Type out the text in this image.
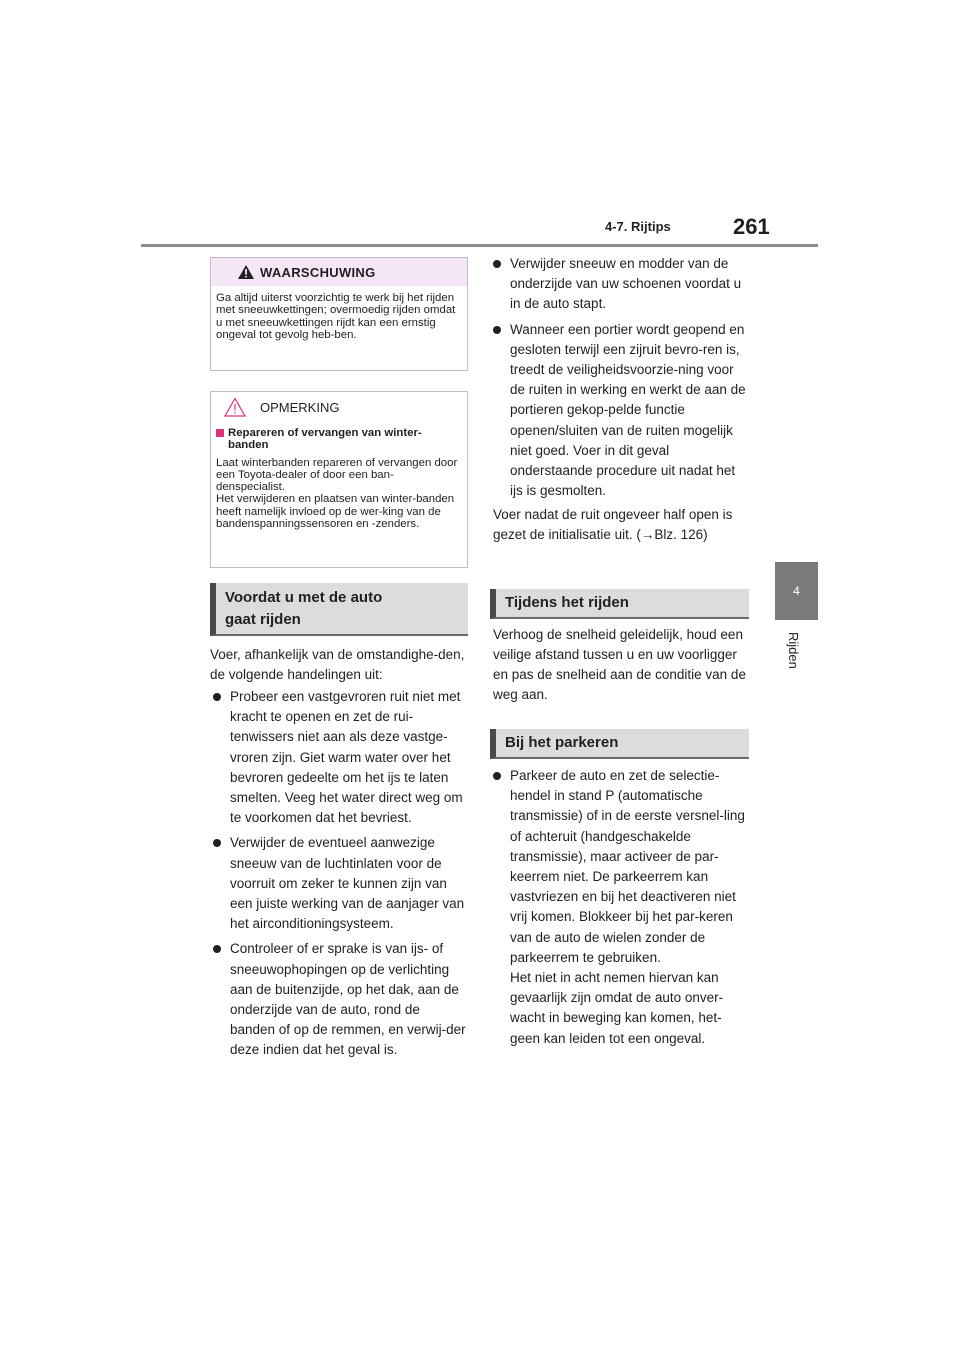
4-7. Rijtips	261
4
Rijden
WAARSCHUWING
Ga altijd uiterst voorzichtig te werk bij het rijden met sneeuwkettingen; overmoedig rijden omdat u met sneeuwkettingen rijdt kan een ernstig ongeval tot gevolg heb-ben.
OPMERKING
Repareren of vervangen van winter-banden
Laat winterbanden repareren of vervangen door een Toyota-dealer of door een ban-denspecialist.
Het verwijderen en plaatsen van winter-banden heeft namelijk invloed op de wer-king van de bandenspanningssensoren en -zenders.
Voordat u met de auto
gaat rijden
Voer, afhankelijk van de omstandighe-den, de volgende handelingen uit:
Probeer een vastgevroren ruit niet met kracht te openen en zet de rui-tenwissers niet aan als deze vastge-vroren zijn. Giet warm water over het bevroren gedeelte om het ijs te laten smelten. Veeg het water direct weg om te voorkomen dat het bevriest.
Verwijder de eventueel aanwezige sneeuw van de luchtinlaten voor de voorruit om zeker te kunnen zijn van een juiste werking van de aanjager van het airconditioningsysteem.
Controleer of er sprake is van ijs- of sneeuwophopingen op de verlichting aan de buitenzijde, op het dak, aan de onderzijde van de auto, rond de banden of op de remmen, en verwij-der deze indien dat het geval is.
Verwijder sneeuw en modder van de onderzijde van uw schoenen voordat u in de auto stapt.
Wanneer een portier wordt geopend en gesloten terwijl een zijruit bevro-ren is, treedt de veiligheidsvoorzie-ning voor de ruiten in werking en werkt de aan de portieren gekop-pelde functie openen/sluiten van de ruiten mogelijk niet goed. Voer in dit geval onderstaande procedure uit nadat het ijs is gesmolten.
Voer nadat de ruit ongeveer half open is gezet de initialisatie uit. (→Blz. 126)
Tijdens het rijden
Verhoog de snelheid geleidelijk, houd een veilige afstand tussen u en uw voorligger en pas de snelheid aan de conditie van de weg aan.
Bij het parkeren
Parkeer de auto en zet de selectie-hendel in stand P (automatische transmissie) of in de eerste versnel-ling of achteruit (handgeschakelde transmissie), maar activeer de par-keerrem niet. De parkeerrem kan vastvriezen en bij het deactiveren niet vrij komen. Blokkeer bij het par-keren van de auto de wielen zonder de parkeerrem te gebruiken.
Het niet in acht nemen hiervan kan gevaarlijk zijn omdat de auto onver-wacht in beweging kan komen, het-geen kan leiden tot een ongeval.
